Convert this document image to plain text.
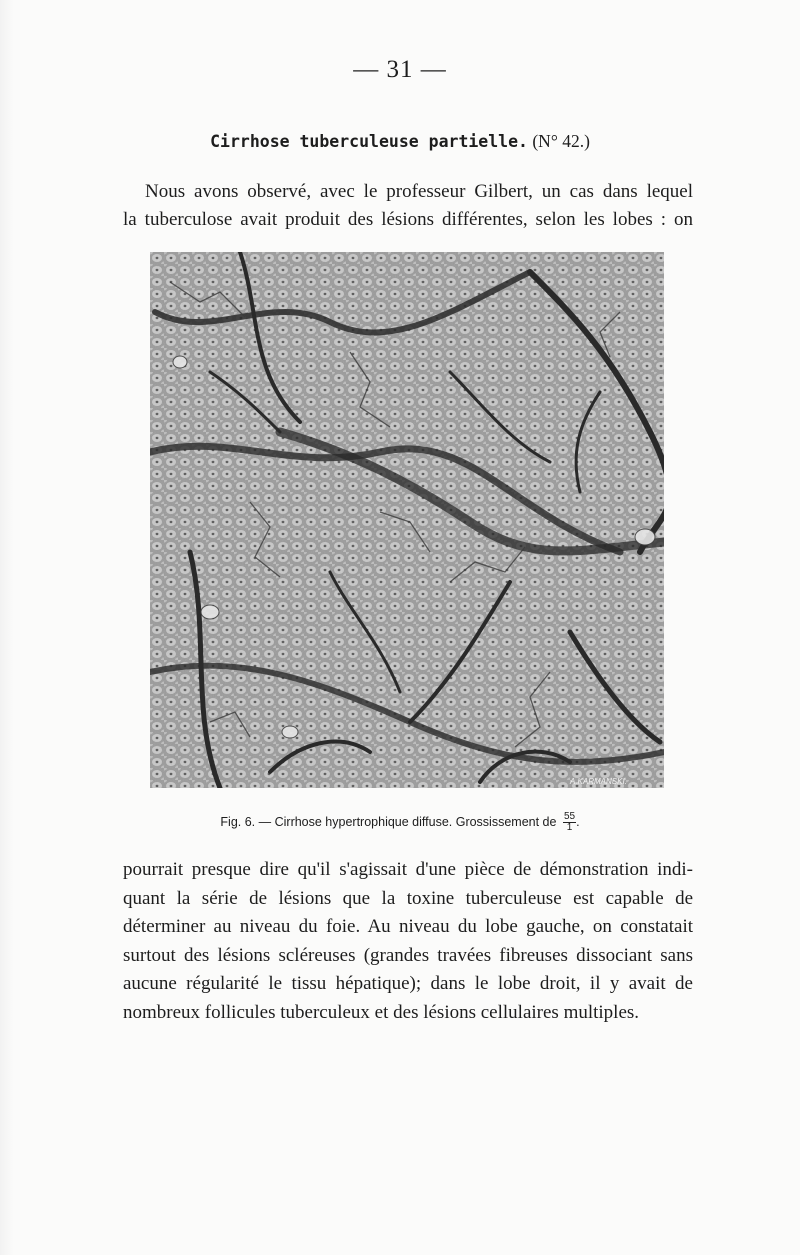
— 31 —
Cirrhose tuberculeuse partielle. (N° 42.)

Nous avons observé, avec le professeur Gilbert, un cas dans lequel
la tuberculose avait produit des lésions différentes, selon les lobes : on

A.KARMANSKI.
Fig. 6. — Cirrhose hypertrophique diffuse. Grossissement de $\frac{55}{1}$ .

pourrait presque dire qu'il s'agissait d'une pièce de démonstration indi-
quant la série de lésions que la toxine tuberculeuse est capable de
déterminer au niveau du foie. Au niveau du lobe gauche, on constatait
surtout des lésions scléreuses (grandes travées fibreuses dissociant sans
aucune régularité le tissu hépatique); dans le lobe droit, il y avait de
nombreux follicules tuberculeux et des lésions cellulaires multiples.
